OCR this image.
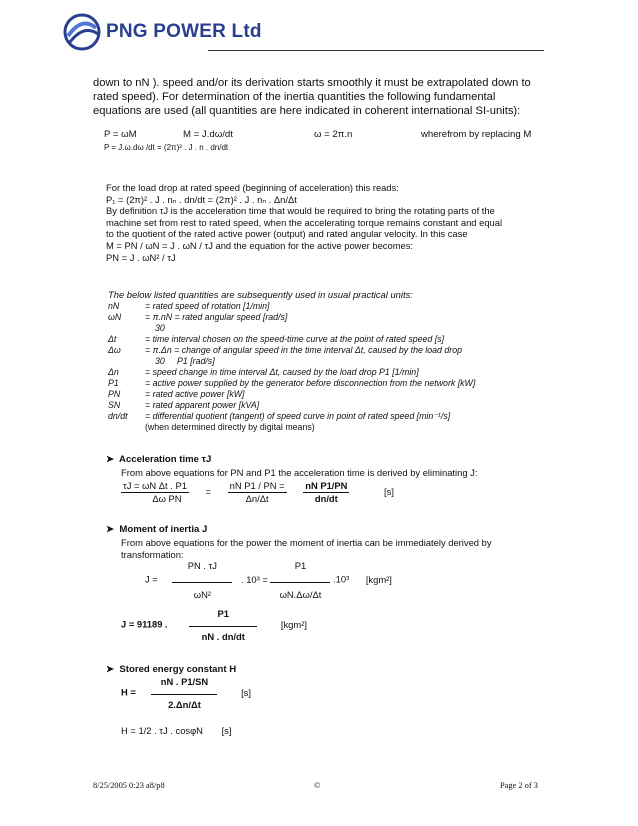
PNG POWER Ltd
down to nN ). speed and/or its derivation starts smoothly it must be extrapolated down to rated speed). For determination of the inertia quantities the following fundamental equations are used (all quantities are here indicated in coherent international SI-units):
P = ωM	M = J.dω/dt	ω = 2π.n	wherefrom by replacing M
P = J.ω.dω /dt = (2π)² . J . n . dn/dt
For the load drop at rated speed (beginning of acceleration) this reads:
P₁ = (2π)² . J . nₙ . dn/dt = (2π)² . J . nₙ . Δn/Δt
By definition τJ is the acceleration time that would be required to bring the rotating parts of the
machine set from rest to rated speed, when the accelerating torque remains constant and equal
to the quotient of the rated active power (output) and rated angular velocity. In this case
M = PN / ωN = J . ωN / τJ and the equation for the active power becomes:
PN = J . ωN² / τJ
The below listed quantities are subsequently used in usual practical units:
nN	= rated speed of rotation [1/min]
ωN	= π.nN = rated angular speed [rad/s]
30
Δt	= time interval chosen on the speed-time curve at the point of rated speed [s]
Δω	= π.Δn = change of angular speed in the time interval Δt, caused by the load drop
30     P1 [rad/s]
Δn	= speed change in time interval Δt, caused by the load drop P1 [1/min]
P1	= active power supplied by the generator before disconnection from the network [kW]
PN	= rated active power [kW]
SN	= rated apparent power [kVA]
dn/dt	= differential quotient (tangent) of speed curve in point of rated speed [min⁻¹/s]
(when determined directly by digital means)
➤ Acceleration time τJ
From above equations for PN and P1 the acceleration time is derived by eliminating J:
$\frac{\text{τJ = ωN Δt . P1}}{\text{Δω PN}} = \frac{\text{nN P1 / PN =}}{\Delta n/\Delta t}$
$\frac{\text{nN P1/PN}}{dn/dt}$	[s]
➤ Moment of inertia J
From above equations for the power the moment of inertia can be immediately derived by transformation:
$J = \frac{PN . \tau J}{\text{ωN²}}$ . $10^3 = \frac{P1}{\omega N.\Delta\omega/\Delta t} .10^3$ [kgm²]
J = 91189 . $\frac{P1}{nN . dn/dt} [kgm^2]$
➤ Stored energy constant H
$H = \frac{nN . P1/SN}{2.\Delta n/\Delta t}$	[s]
H = 1/2 . τJ . cosφN [s]
8/25/2005 0:23 a8/p8	©	Page 2 of 3
